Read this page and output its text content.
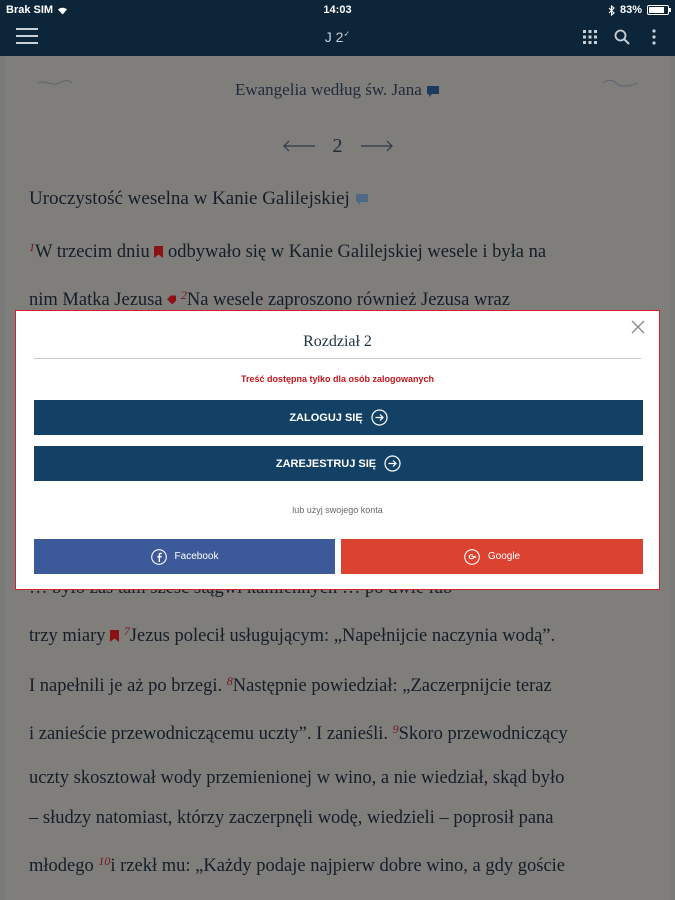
Brak SIM	14:03	83%
J 2✓
Ewangelia według św. Jana
2
Uroczystość weselna w Kanie Galilejskiej
$^1$W trzecim dniu odbywało się w Kanie Galilejskiej wesele i była na
nim Matka Jezusa $^2$Na wesele zaproszono również Jezusa wraz
trzy miary $^7$Jezus polecił usługującym: „Napełnijcie naczynia wodą”.
I napełnili je aż po brzegi. $^8$Następnie powiedział: „Zaczerpnijcie teraz
i zanieście przewodniczącemu uczty”. I zanieśli. $^9$Skoro przewodniczący
uczty skosztował wody przemienionej w wino, a nie wiedział, skąd było
– słudzy natomiast, którzy zaczerpnęli wodę, wiedzieli – poprosił pana
młodego $^{10}$i rzekł mu: „Każdy podaje najpierw dobre wino, a gdy goście
Rozdział 2
Treść dostępna tylko dla osób zalogowanych
ZALOGUJ SIĘ
ZAREJESTRUJ SIĘ
lub użyj swojego konta
Facebook	Google
